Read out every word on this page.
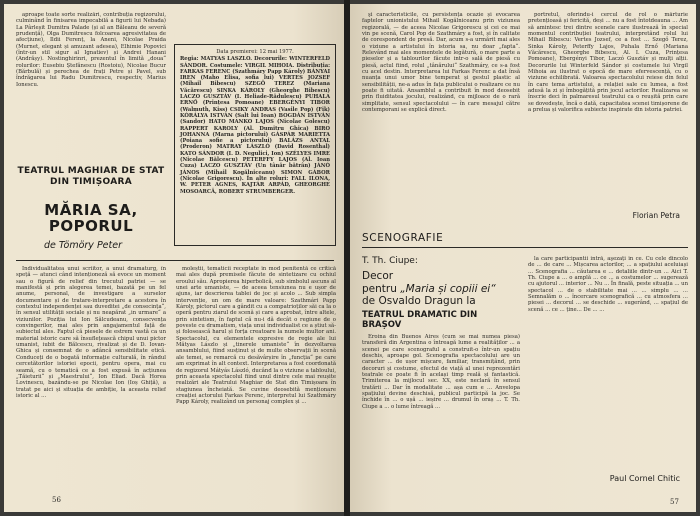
aproape toate sorte realizări, contribuția regizorului, culminând în finisarea impecabilă a figurii lui Nebada) La Pârleșit Dumitra Palade (și al an Băleanu de severă prudență), Olga Dumitrescu folcoarea agresivitatea de afecțiune), Ildii Ferenț, la Aneni, Nicolae Praida (Murnet, elegant și amuzant adesea), Elhimie Popovici (într-un stil sigur al Ignatiev) și Andrei Hanani (Andrășy). Nostinghirinri, prezentul în limită „doua“ rolurilor: Eusebiu Ștefănescu (Rostoiu), Nicolae Bucur (Bărbulă) și perechea de frați Petre și Pavel, sub îndrăgarea lui Radu Dumitrescu, respectiv, Marius Ionescu.

Data premierei: 12 mai 1977.
Regia: MATYAS LASZLO. Decorurile: WINTERFELD SÁNDOR. Costumele: VIRGIL MIHOIA. Distribuția: FARKAS FERENC (Szathmáry Papp Károly) BÁNYAI IREN (Maho Elisa, sofia lui) VERTES JOZSEF (Mihail Bibescu) SZEGÖ TEREZ (Mariana Văcărescu) SINKA KÁROLY (Gheorghe Bibescu) LACZO GUSZTÁV (I. Heliade-Rădulescu) PUHALA ERNŐ (Prințesa Pomoane) EBERGÉNYI TIBOR (Walmuth, Kiss) CSIKY ANDRAS (Vasile Pop) (Fik) KÓRÁLYA ISTVÁN (Salt lui Ioan) BOGDÁN ISTVÁN (Sandor) HATO MANKO LAJOS (Nicolae Golescu) RAPPERT KAROLY (Al. Dumitru Ghica) BIRO JOHANNA (Marna pictorului) GÁSPÁR MARIETTA (Poiana sofie a pictorului) BALÁZS ANTAL (Proderon) MATRAY LÁSZLÓ (David Rosenthal) KATO SÁNDOR (I. D. Negulici, Ion) SZÉLYES IMRE (Nicolae Bălcescu) PETERFFY LAJOS (Al. Ioan Cuza) LACZO GUSZTÁV (Un tânăr bătrân) JÁNÓ JÁNOS (Mihail Kogălniceanu) SIMON GÁBOR (Nicolae Grigorescu). În alte roluri: FALL ILONA, W. PETER AGNES, KAJTÁR ARPÁD, GHEORGHE MOSOARCĂ, ROBERT STRUMBERGER.
TEATRUL MAGHIAR DE STAT DIN TIMIȘOARA
MĂRIA SA, POPORUL
de Tömöry Peter

Individualitatea unui scriitor, a unui dramaturg, în speță — atunci când intenționeză să evoce un moment sau o figură de relief din trecutul patriei — se manifestă și prin alegerea temei, bazată pe un fel anume, personal, de investigare a surselor documentare și de tratare-interpretare a acestora în contextul independenței sau duveditei „de consecința“, în sensul utilității sociale și nu neapărat „in urmare“ a viziunilor. Poziția lui Ion Sălcudeanu, consecvența convingerilor, mai ales prin angajamentul față de subiectul ales. Faptul că piesele de estrem vastă ca un material istoric care să însuflețească chipul unui pictor umanist, iubit de Bălcescu, rivalizat și de D. Iovan-Ghica și consemnat de o adâncă sensibilitate etică. Conduceți de o bogată informație culturală, în rândul cercetătorilor istoriei epocii, pentru opera, mai cu seamă, cu o tematică ce a fost expusă în acțiunea „Tăieturii“ și „Maestrului“, Ion Eliad. Dacă Horea Lovinescu, bazându-se pe Nicolae Ion (Ioș Ghiță), a tratat pe aici și situația de ambiție, la aceasta relief istoric al ...

moleștii, tematicii receptate în mod penitentă ce critică mai ales după premisele făcute de sintetizare cu ochiul eroului său. Apropierea hiperbolică, sub simbolul ascuns al unei arte umaniste, — de aceea tensiunea nu e ușor de ajuns, iar descrierea tablei de joc și acolo ... Sub simpla intervenție, un om de mare valoare: Szathmári Papp Károly, pictorul care a gândit cu a compatrioților săi ca la o operă pentru ziarul de scenă și care a aprobat, între altele, prin sintetism, în faptul că nu-i dă decât o regiune de o poveste cu dramatism, viața unui individualist ce a știut să-și folosească harul și forța creatoare la numele multor ani. Spectacolul, cu elementele expresive de regie ale lui Mătyas Lászlo și „tinerele umaniste“ în dezvoltarea ansamblului, fiind susținut și de multe observații în scenă ale temei, se remarcă cu desăvârșire în „funcția“ pe care am exprimat în alt context. Interpretarea a fost coordonată de regizorul Mátyás László, ducând la o viziune a tabloului, prin aceasta spectacolul fiind unul dintre cele mai reușite realizări ale Teatrului Maghiar de Stat din Timișoara în stagiunea încheiată. Se cuvine deosebită menționare creației actorului Farkas Ferenc, interpretul lui Szathmáry Papp Károly, realizând un personaj complex și ...

56

şi caracteristicile, cu persistența ocazie și evocarea faptelor unionistului Mihail Kogălniceanu prin viziunea regizorală, — de aceea Nicolae Grigorescu și cei ce mai vin pe scenă, Carol Pop de Szathmáry a fost, și în calitate de corespondent de presă. Dar, acum s-a urmărit mai ales o viziune a artistului în istoria sa, nu doar „fapta“. Relevând mai ales momentele de legătură, o mare parte a pieselor și a tablourilor făcute intr-o sală de piesă cu piesă, actul fiind, rolul „tânărului“ Szathmáry, ce s-a fost cu acel destin. Interpretarea lui Farkas Ferenc a dat însă nuanța unui umor bine temperat și gestul plastic al sensibilității, ne-a adus în fața publicului o realizare ce nu poate fi uitată. Ansamblul a contribuit în mod deosebit prin fluiditatea jocului, realizând, cu mijloace de o rară simplitate, sensul spectacolului — în care mesajul către contemporani se explică direct.

portretul, oferindu-i cercul de rol o mărturie pretențioasă și fericită, deși ... nu a fost întotdeauna ... Am să amintesc trei dintre scenele care ilustrează în special momentul contribuției teatrului, interpretând rolul lui Mihail Bibescu: Vertes Jozsef, ce a fost ... Szegő Terez, Sinka Károly, Peterffy Lajos, Puhala Ernő (Mariana Văcărescu, Gheorghe Bibescu, Al. I. Cuza, Prințesa Pomoane), Ebergényi Tibor, Laczó Gusztáv și mulți alții. Decorurile lui Winterfeld Sándor și costumele lui Virgil Mihoia au ilustrat o epocă de mare efervescență, cu o viziune echilibrată. Valoarea spectacolului reiese din felul în care tema artistului, a relației sale cu lumea, a fost adusă la zi și îmbogățită prin jocul actorilor. Realizarea se înscrie deci în palmaresul teatrului ca o reușită prin care se dovedește, încă o dată, capacitatea scenei timișorene de a prelua și valorifica subiecte inspirate din istoria patriei.

Florian Petra
SCENOGRAFIE
T. Th. Ciupe:
Decor
pentru „Maria și copiii ei“
de Osvaldo Dragun la
TEATRUL DRAMATIC DIN BRAȘOV

Eroina din Buenos Aires (cum se mai numea piesa) transferă din Argentina o întreagă lume a realităților ... a scenei pe care scenograful a construit-o într-un spațiu deschis, aproape gol. Scenografia spectacolului are un caracter ... de ușor mișcare, familiar, transmițând, prin decoruri și costume, efectul de viață al unei reprezentări teatrale ce poate fi în același timp reală și fantastică. Trimiterea la mijlocul sec. XX, este neclară în sensul tratării ... Dar în modalitate ... așa cum e ... Anvelopa spațiului devine deschisă, publicul participă la joc. Se închide în ... o ușă ... ieșire ... drumul în oraș ... T. Th. Ciupe a ... o lume întreagă ...

la care participantii intră, aşezați în ce. Cu cele dincolo de ... de care ... Mișcarea actorilor, ... a spațiului aceluiași ... Scenografia ... căutarea e ... detaliile dintr-un ... Aici T. Th. Ciupe a ... o amplă ... ce ... a costumelor ... sugerează cu ajutorul ... interior ... Nu ... În finală, peste situația ... un spectacol ... de o stabilitate mai ... ... simplu ... ... Semnalăm o ... încercare scenografică ... cu atmosfera ... piesei ... decorul ... se deschide ... sugerând, ... spațiul de scenă ... ce ... ține... De ... ...

Paul Cornel Chitic
57
